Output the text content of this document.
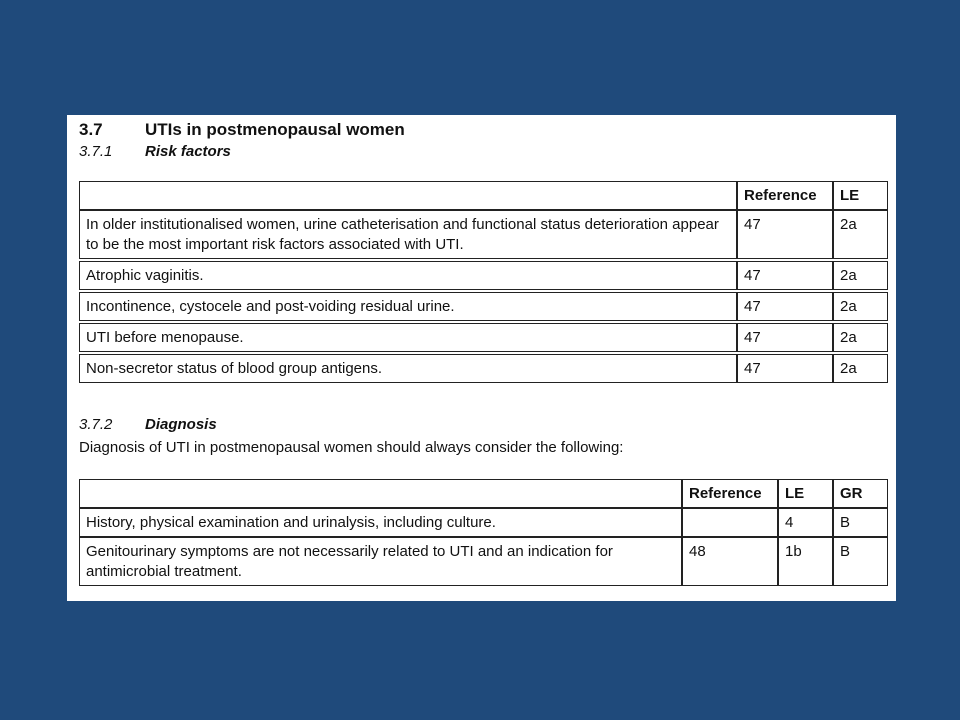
3.7 UTIs in postmenopausal women
3.7.1 Risk factors
	Reference	LE
In older institutionalised women, urine catheterisation and functional status deterioration appear to be the most important risk factors associated with UTI.	47	2a

Atrophic vaginitis.	47	2a

Incontinence, cystocele and post-voiding residual urine.	47	2a

UTI before menopause.	47	2a

Non-secretor status of blood group antigens.	47	2a
3.7.2 Diagnosis
Diagnosis of UTI in postmenopausal women should always consider the following:
	Reference	LE	GR
History, physical examination and urinalysis, including culture.		4	B
Genitourinary symptoms are not necessarily related to UTI and an indication for antimicrobial treatment.	48	1b	B
